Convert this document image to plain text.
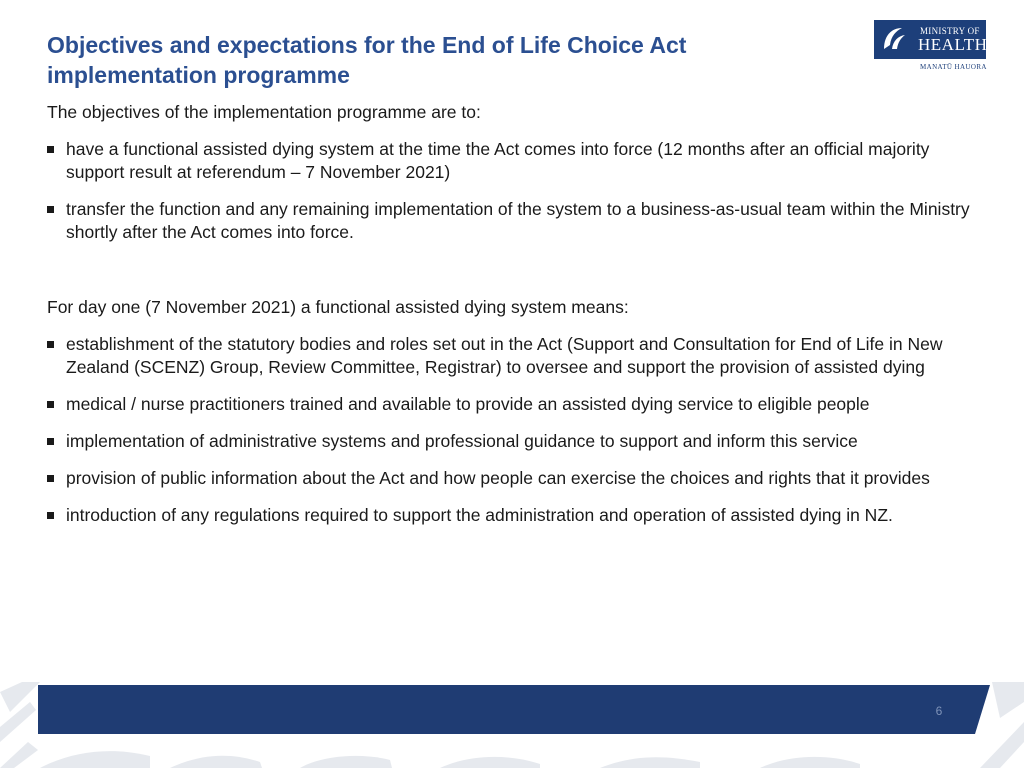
Objectives and expectations for the End of Life Choice Act implementation programme
MINISTRY OF
HEALTH
MANATŪ HAUORA

The objectives of the implementation programme are to:

have a functional assisted dying system at the time the Act comes into force (12 months after an official majority support result at referendum – 7 November 2021)
transfer the function and any remaining implementation of the system to a business-as-usual team within the Ministry shortly after the Act comes into force.

For day one (7 November 2021) a functional assisted dying system means:

establishment of the statutory bodies and roles set out in the Act (Support and Consultation for End of Life in New Zealand (SCENZ) Group, Review Committee, Registrar) to oversee and support the provision of assisted dying
medical / nurse practitioners trained and available to provide an assisted dying service to eligible people
implementation of administrative systems and professional guidance to support and inform this service
provision of public information about the Act and how people can exercise the choices and rights that it provides
introduction of any regulations required to support the administration and operation of assisted dying in NZ.
6
